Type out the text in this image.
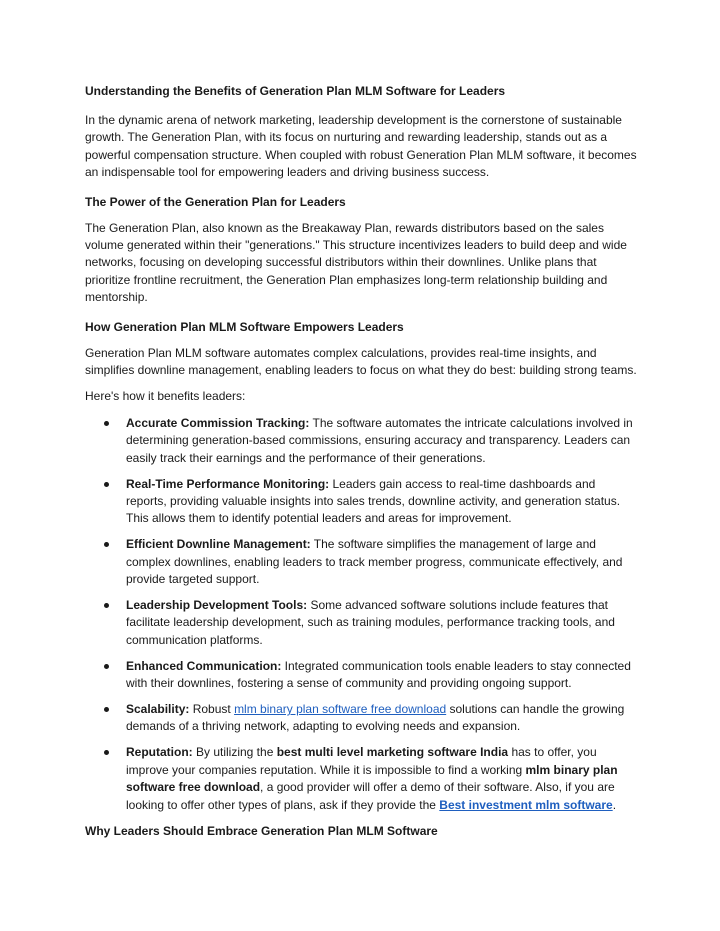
Understanding the Benefits of Generation Plan MLM Software for Leaders

In the dynamic arena of network marketing, leadership development is the cornerstone of sustainable growth. The Generation Plan, with its focus on nurturing and rewarding leadership, stands out as a powerful compensation structure. When coupled with robust Generation Plan MLM software, it becomes an indispensable tool for empowering leaders and driving business success.

The Power of the Generation Plan for Leaders

The Generation Plan, also known as the Breakaway Plan, rewards distributors based on the sales volume generated within their "generations." This structure incentivizes leaders to build deep and wide networks, focusing on developing successful distributors within their downlines. Unlike plans that prioritize frontline recruitment, the Generation Plan emphasizes long-term relationship building and mentorship.

How Generation Plan MLM Software Empowers Leaders

Generation Plan MLM software automates complex calculations, provides real-time insights, and simplifies downline management, enabling leaders to focus on what they do best: building strong teams.

Here's how it benefits leaders:

Accurate Commission Tracking: The software automates the intricate calculations involved in determining generation-based commissions, ensuring accuracy and transparency. Leaders can easily track their earnings and the performance of their generations.
Real-Time Performance Monitoring: Leaders gain access to real-time dashboards and reports, providing valuable insights into sales trends, downline activity, and generation status. This allows them to identify potential leaders and areas for improvement.
Efficient Downline Management: The software simplifies the management of large and complex downlines, enabling leaders to track member progress, communicate effectively, and provide targeted support.
Leadership Development Tools: Some advanced software solutions include features that facilitate leadership development, such as training modules, performance tracking tools, and communication platforms.
Enhanced Communication: Integrated communication tools enable leaders to stay connected with their downlines, fostering a sense of community and providing ongoing support.
Scalability: Robust mlm binary plan software free download solutions can handle the growing demands of a thriving network, adapting to evolving needs and expansion.
Reputation: By utilizing the best multi level marketing software India has to offer, you improve your companies reputation. While it is impossible to find a working mlm binary plan software free download, a good provider will offer a demo of their software. Also, if you are looking to offer other types of plans, ask if they provide the Best investment mlm software.

Why Leaders Should Embrace Generation Plan MLM Software
